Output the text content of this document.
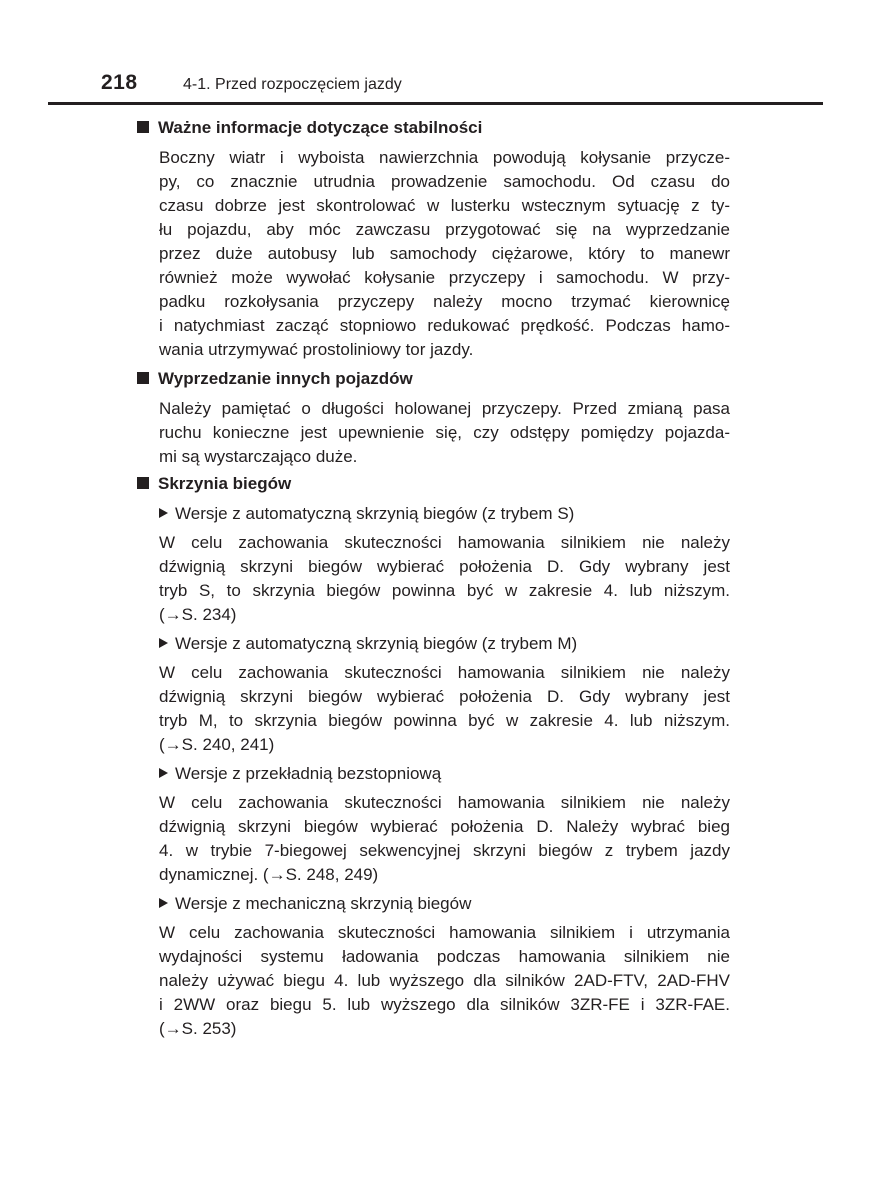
218	4-1. Przed rozpoczęciem jazdy
Ważne informacje dotyczące stabilności
Boczny wiatr i wyboista nawierzchnia powodują kołysanie przycze-
py, co znacznie utrudnia prowadzenie samochodu. Od czasu do
czasu dobrze jest skontrolować w lusterku wstecznym sytuację z ty-
łu pojazdu, aby móc zawczasu przygotować się na wyprzedzanie
przez duże autobusy lub samochody ciężarowe, który to manewr
również może wywołać kołysanie przyczepy i samochodu. W przy-
padku rozkołysania przyczepy należy mocno trzymać kierownicę
i natychmiast zacząć stopniowo redukować prędkość. Podczas hamo-
wania utrzymywać prostoliniowy tor jazdy.
Wyprzedzanie innych pojazdów
Należy pamiętać o długości holowanej przyczepy. Przed zmianą pasa
ruchu konieczne jest upewnienie się, czy odstępy pomiędzy pojazda-
mi są wystarczająco duże.
Skrzynia biegów
Wersje z automatyczną skrzynią biegów (z trybem S)
W celu zachowania skuteczności hamowania silnikiem nie należy
dźwignią skrzyni biegów wybierać położenia D. Gdy wybrany jest
tryb S, to skrzynia biegów powinna być w zakresie 4. lub niższym.
(→S. 234)
Wersje z automatyczną skrzynią biegów (z trybem M)
W celu zachowania skuteczności hamowania silnikiem nie należy
dźwignią skrzyni biegów wybierać położenia D. Gdy wybrany jest
tryb M, to skrzynia biegów powinna być w zakresie 4. lub niższym.
(→S. 240, 241)
Wersje z przekładnią bezstopniową
W celu zachowania skuteczności hamowania silnikiem nie należy
dźwignią skrzyni biegów wybierać położenia D. Należy wybrać bieg
4. w trybie 7-biegowej sekwencyjnej skrzyni biegów z trybem jazdy
dynamicznej. (→S. 248, 249)
Wersje z mechaniczną skrzynią biegów
W celu zachowania skuteczności hamowania silnikiem i utrzymania
wydajności systemu ładowania podczas hamowania silnikiem nie
należy używać biegu 4. lub wyższego dla silników 2AD-FTV, 2AD-FHV
i 2WW oraz biegu 5. lub wyższego dla silników 3ZR-FE i 3ZR-FAE.
(→S. 253)
